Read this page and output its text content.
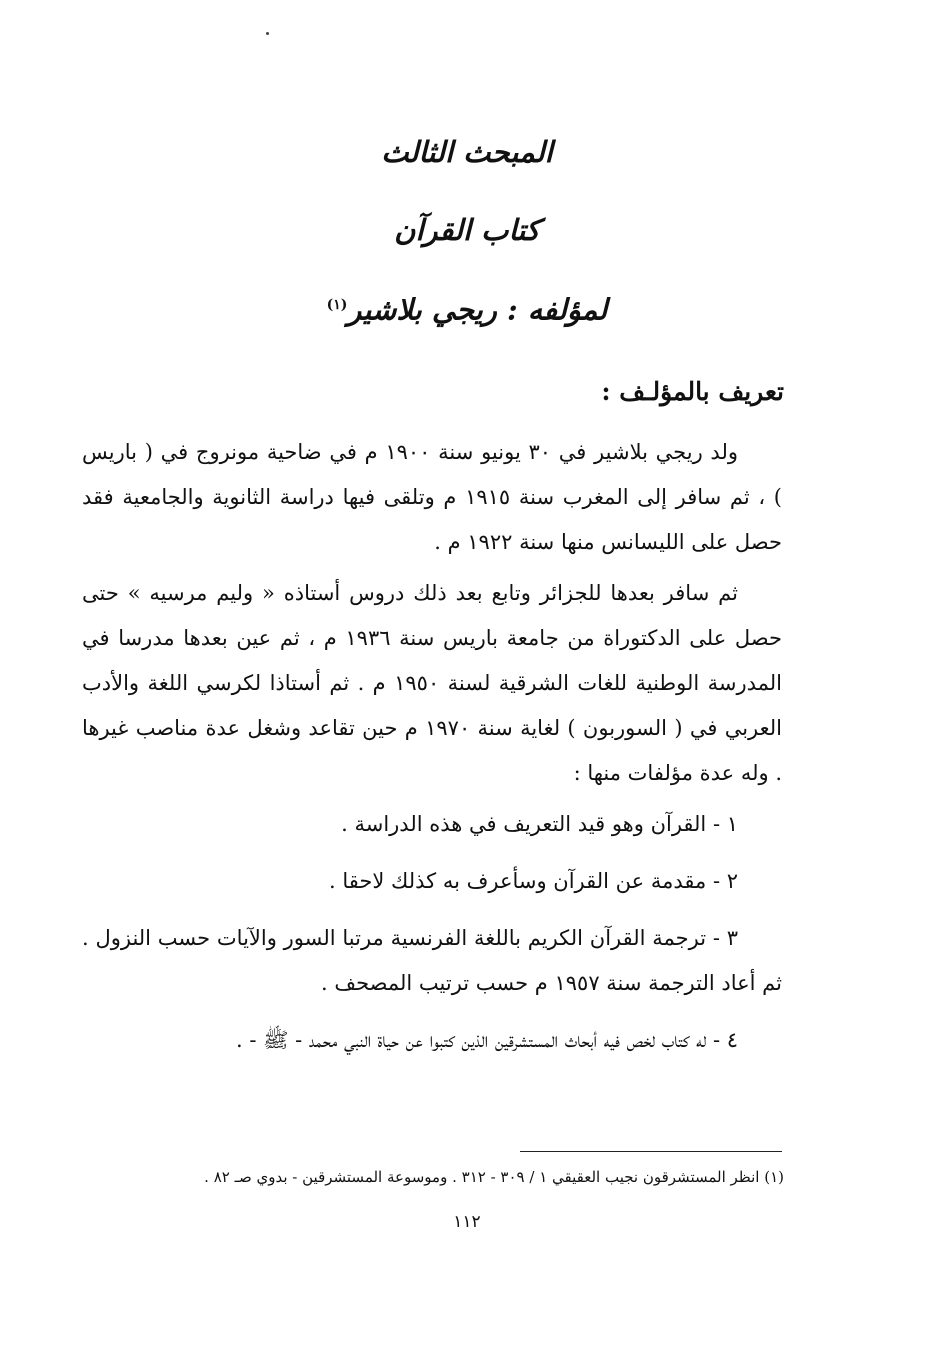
المبحث الثالث
كتاب القرآن
لمؤلفه : ريجي بلاشير$^{(١)}$
تعريف بالمؤلـف :

ولد ريجي بلاشير في ٣٠ يونيو سنة ١٩٠٠ م في ضاحية مونروج في ( باريس ) ، ثم سافر إلى المغرب سنة ١٩١٥ م وتلقى فيها دراسة الثانوية والجامعية فقد حصل على الليسانس منها سنة ١٩٢٢ م .

ثم سافر بعدها للجزائر وتابع بعد ذلك دروس أستاذه « وليم مرسيه » حتى حصل على الدكتوراة من جامعة باريس سنة ١٩٣٦ م ، ثم عين بعدها مدرسا في المدرسة الوطنية للغات الشرقية لسنة ١٩٥٠ م . ثم أستاذا لكرسي اللغة والأدب العربي في ( السوربون ) لغاية سنة ١٩٧٠ م حين تقاعد وشغل عدة مناصب غيرها . وله عدة مؤلفات منها :

١ - القرآن وهو قيد التعريف في هذه الدراسة .

٢ - مقدمة عن القرآن وسأعرف به كذلك لاحقا .

٣ - ترجمة القرآن الكريم باللغة الفرنسية مرتبا السور والآيات حسب النزول . ثم أعاد الترجمة سنة ١٩٥٧ م حسب ترتيب المصحف .

٤ - له كتاب لخص فيه أبحاث المستشرقين الذين كتبوا عن حياة النبي محمد - ﷺ - .

(١) انظر المستشرقون نجيب العقيقي ١ / ٣٠٩ - ٣١٢ . وموسوعة المستشرقين - بدوي صـ ٨٢ .
١١٢
